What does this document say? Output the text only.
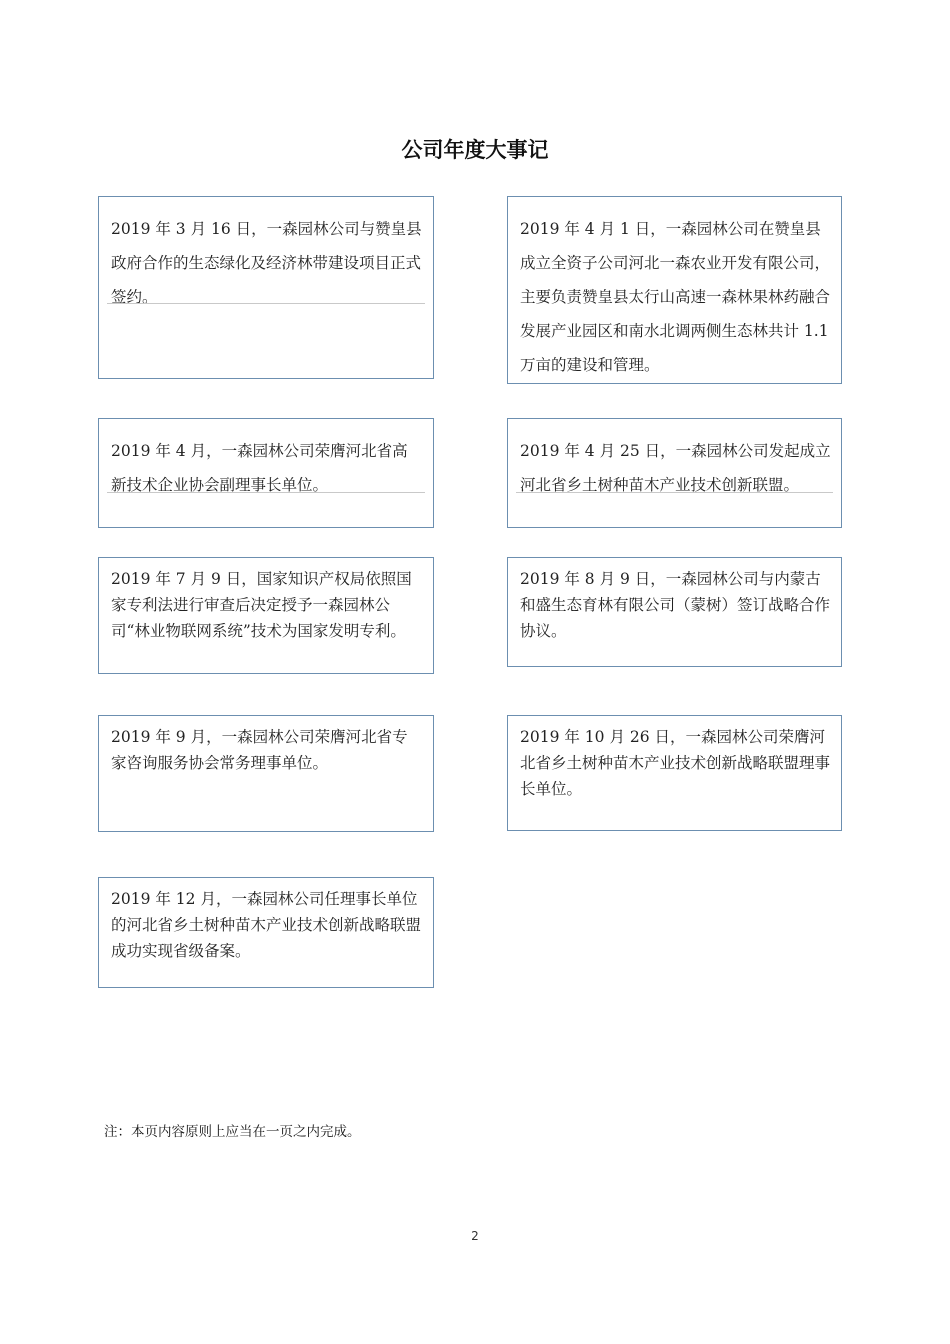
公司年度大事记
2019 年 3 月 16 日，一森园林公司与赞皇县政府合作的生态绿化及经济林带建设项目正式签约。
2019 年 4 月 1 日，一森园林公司在赞皇县成立全资子公司河北一森农业开发有限公司，主要负责赞皇县太行山高速一森林果林药融合发展产业园区和南水北调两侧生态林共计 1.1 万亩的建设和管理。
2019 年 4 月，一森园林公司荣膺河北省高新技术企业协会副理事长单位。
2019 年 4 月 25 日，一森园林公司发起成立河北省乡土树种苗木产业技术创新联盟。
2019 年 7 月 9 日，国家知识产权局依照国家专利法进行审查后决定授予一森园林公司“林业物联网系统”技术为国家发明专利。
2019 年 8 月 9 日，一森园林公司与内蒙古和盛生态育林有限公司（蒙树）签订战略合作协议。
2019 年 9 月，一森园林公司荣膺河北省专家咨询服务协会常务理事单位。
2019 年 10 月 26 日，一森园林公司荣膺河北省乡土树种苗木产业技术创新战略联盟理事长单位。
2019 年 12 月，一森园林公司任理事长单位的河北省乡土树种苗木产业技术创新战略联盟成功实现省级备案。
注：本页内容原则上应当在一页之内完成。
2
